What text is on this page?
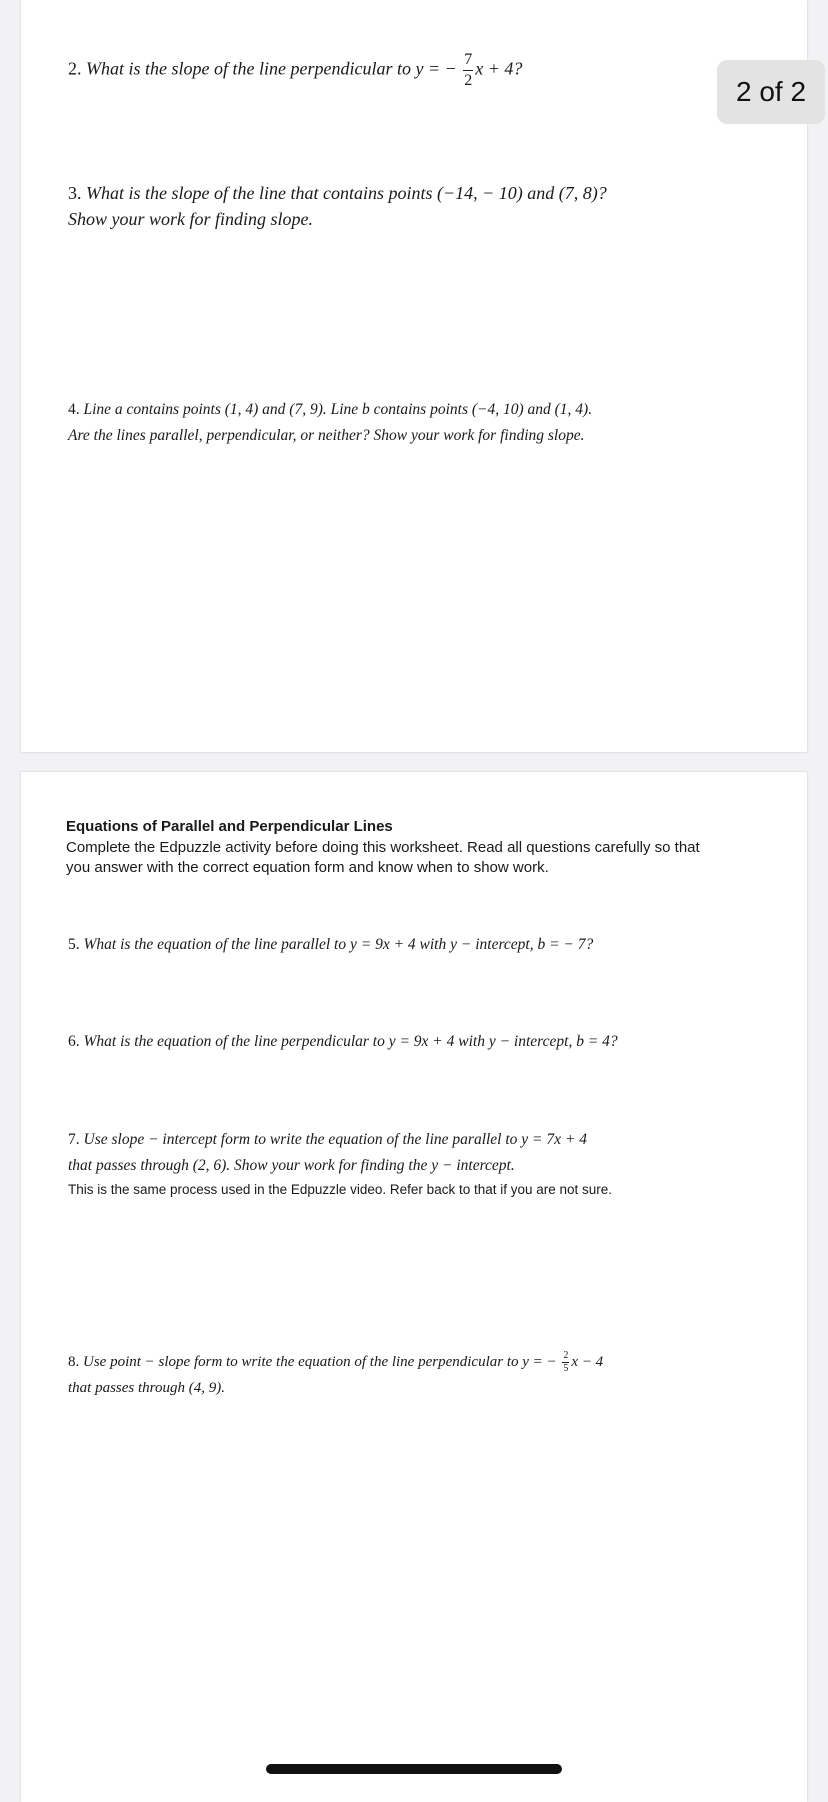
2. What is the slope of the line perpendicular to y = − $\frac{7}{2}$ x + 4?
3. What is the slope of the line that contains points (−14, − 10) and (7, 8)?
Show your work for finding slope.
4. Line a contains points (1, 4) and (7, 9). Line b contains points (−4, 10) and (1, 4).
Are the lines parallel, perpendicular, or neither? Show your work for finding slope.
Equations of Parallel and Perpendicular Lines
Complete the Edpuzzle activity before doing this worksheet. Read all questions carefully so that you answer with the correct equation form and know when to show work.
5. What is the equation of the line parallel to y = 9x + 4 with y − intercept, b = − 7?
6. What is the equation of the line perpendicular to y = 9x + 4 with y − intercept, b = 4?
7. Use slope − intercept form to write the equation of the line parallel to y = 7x + 4
that passes through (2, 6). Show your work for finding the y − intercept.
This is the same process used in the Edpuzzle video. Refer back to that if you are not sure.
8. Use point − slope form to write the equation of the line perpendicular to y = − $\frac{2}{5}$ x − 4
that passes through (4, 9).
2 of 2
